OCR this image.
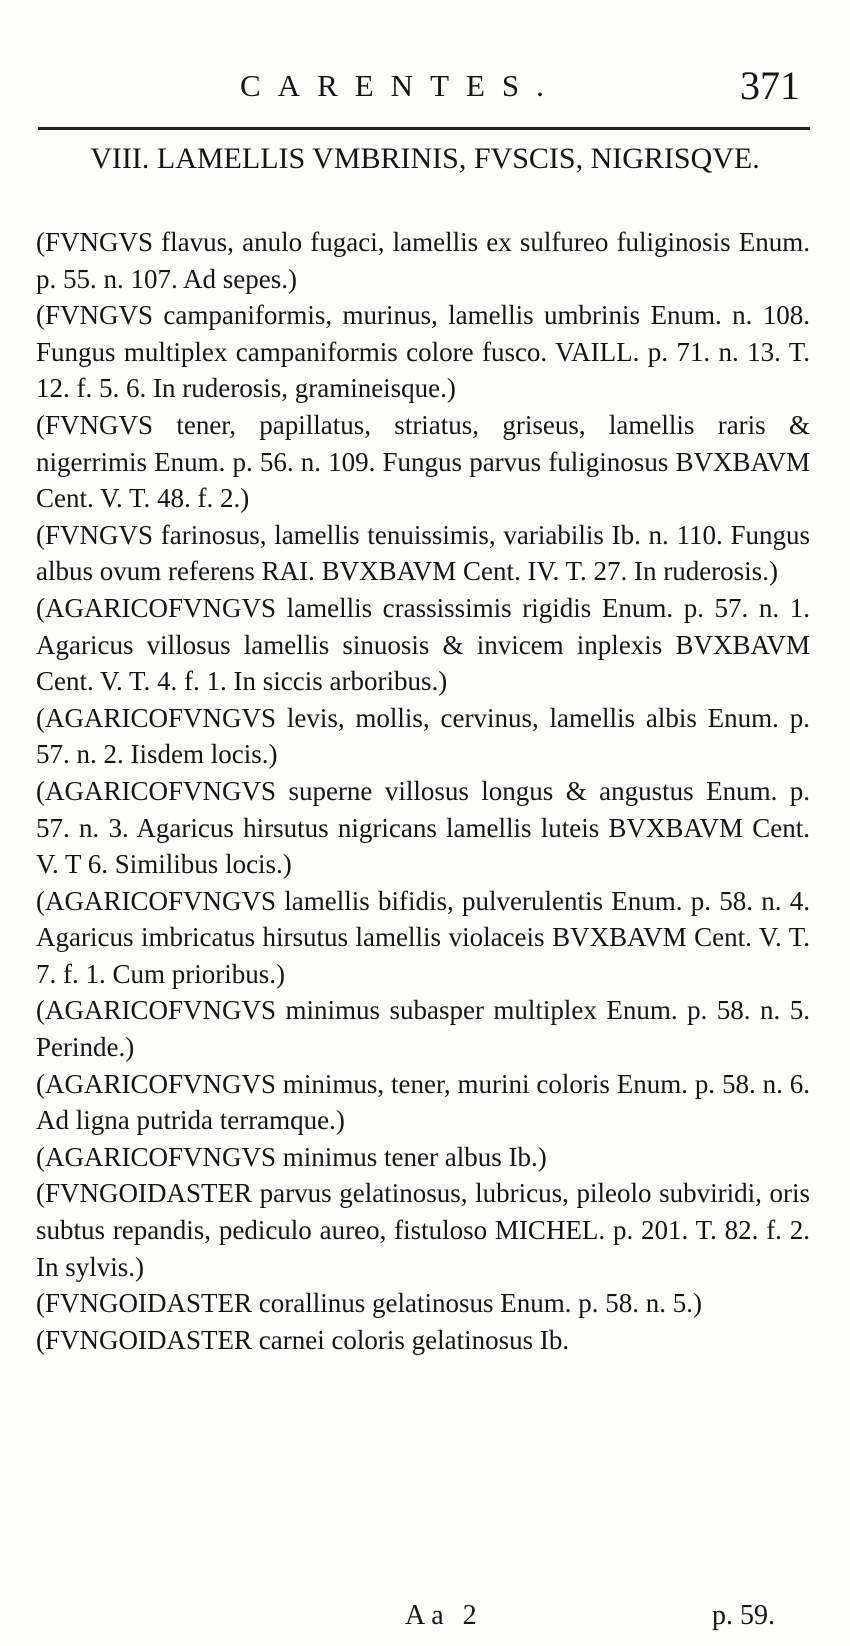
CARENTES.	371
VIII. LAMELLIS VMBRINIS, FVSCIS, NIGRISQVE.

(FVNGVS flavus, anulo fugaci, lamellis ex sulfureo fuliginosis Enum. p. 55. n. 107. Ad sepes.)

(FVNGVS campaniformis, murinus, lamellis umbrinis Enum. n. 108. Fungus multiplex campaniformis colore fusco. VAILL. p. 71. n. 13. T. 12. f. 5. 6. In ruderosis, gramineisque.)

(FVNGVS tener, papillatus, striatus, griseus, lamellis raris & nigerrimis Enum. p. 56. n. 109. Fungus parvus fuliginosus BVXBAVM Cent. V. T. 48. f. 2.)

(FVNGVS farinosus, lamellis tenuissimis, variabilis Ib. n. 110. Fungus albus ovum referens RAI. BVXBAVM Cent. IV. T. 27. In ruderosis.)

(AGARICOFVNGVS lamellis crassissimis rigidis Enum. p. 57. n. 1. Agaricus villosus lamellis sinuosis & invicem inplexis BVXBAVM Cent. V. T. 4. f. 1. In siccis arboribus.)

(AGARICOFVNGVS levis, mollis, cervinus, lamellis albis Enum. p. 57. n. 2. Iisdem locis.)

(AGARICOFVNGVS superne villosus longus & angustus Enum. p. 57. n. 3. Agaricus hirsutus nigricans lamellis luteis BVXBAVM Cent. V. T 6. Similibus locis.)

(AGARICOFVNGVS lamellis bifidis, pulverulentis Enum. p. 58. n. 4. Agaricus imbricatus hirsutus lamellis violaceis BVXBAVM Cent. V. T. 7. f. 1. Cum prioribus.)

(AGARICOFVNGVS minimus subasper multiplex Enum. p. 58. n. 5. Perinde.)

(AGARICOFVNGVS minimus, tener, murini coloris Enum. p. 58. n. 6. Ad ligna putrida terramque.)

(AGARICOFVNGVS minimus tener albus Ib.)

(FVNGOIDASTER parvus gelatinosus, lubricus, pileolo subviridi, oris subtus repandis, pediculo aureo, fistuloso MICHEL. p. 201. T. 82. f. 2. In sylvis.)

(FVNGOIDASTER corallinus gelatinosus Enum. p. 58. n. 5.)

(FVNGOIDASTER carnei coloris gelatinosus Ib.

Aa 2	p. 59.
